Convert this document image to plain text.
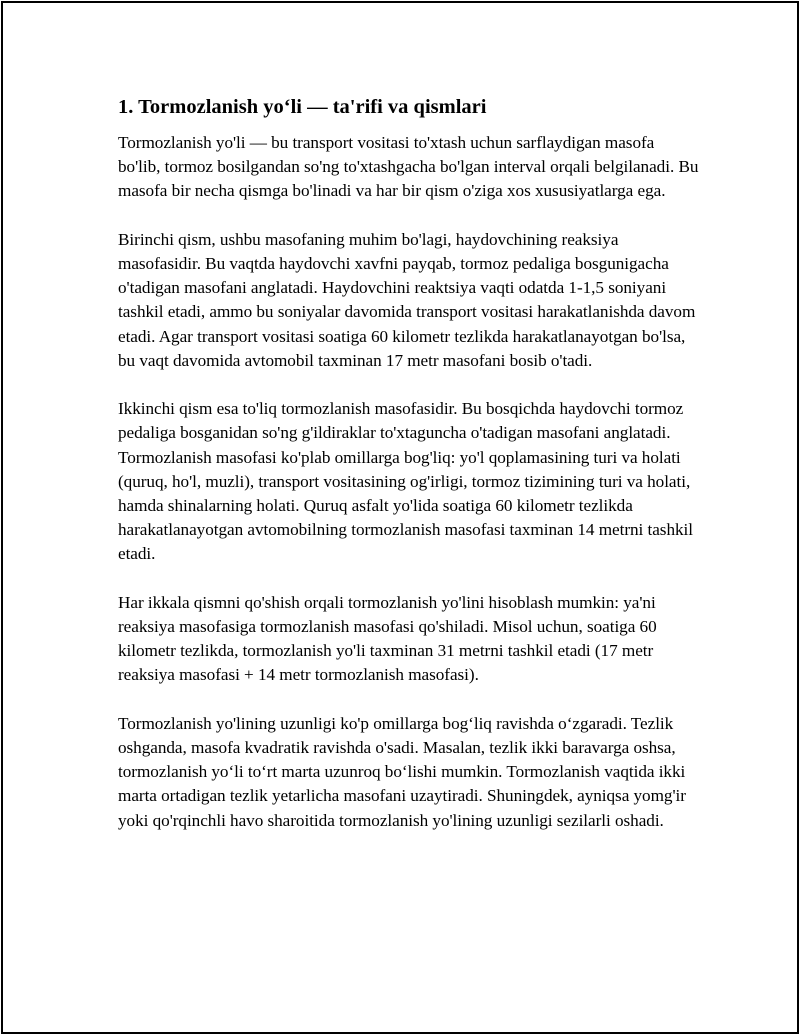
1. Tormozlanish yoʻli — ta'rifi va qismlari

Tormozlanish yo'li — bu transport vositasi to'xtash uchun sarflaydigan masofa bo'lib, tormoz bosilgandan so'ng to'xtashgacha bo'lgan interval orqali belgilanadi. Bu masofa bir necha qismga bo'linadi va har bir qism o'ziga xos xususiyatlarga ega.

Birinchi qism, ushbu masofaning muhim bo'lagi, haydovchining reaksiya masofasidir. Bu vaqtda haydovchi xavfni payqab, tormoz pedaliga bosgunigacha o'tadigan masofani anglatadi. Haydovchini reaktsiya vaqti odatda 1-1,5 soniyani tashkil etadi, ammo bu soniyalar davomida transport vositasi harakatlanishda davom etadi. Agar transport vositasi soatiga 60 kilometr tezlikda harakatlanayotgan bo'lsa, bu vaqt davomida avtomobil taxminan 17 metr masofani bosib o'tadi.

Ikkinchi qism esa to'liq tormozlanish masofasidir. Bu bosqichda haydovchi tormoz pedaliga bosganidan so'ng g'ildiraklar to'xtaguncha o'tadigan masofani anglatadi. Tormozlanish masofasi ko'plab omillarga bog'liq: yo'l qoplamasining turi va holati (quruq, ho'l, muzli), transport vositasining og'irligi, tormoz tizimining turi va holati, hamda shinalarning holati. Quruq asfalt yo'lida soatiga 60 kilometr tezlikda harakatlanayotgan avtomobilning tormozlanish masofasi taxminan 14 metrni tashkil etadi.

Har ikkala qismni qo'shish orqali tormozlanish yo'lini hisoblash mumkin: ya'ni reaksiya masofasiga tormozlanish masofasi qo'shiladi. Misol uchun, soatiga 60 kilometr tezlikda, tormozlanish yo'li taxminan 31 metrni tashkil etadi (17 metr reaksiya masofasi + 14 metr tormozlanish masofasi).

Tormozlanish yo'lining uzunligi ko'p omillarga bog‘liq ravishda o‘zgaradi. Tezlik oshganda, masofa kvadratik ravishda o'sadi. Masalan, tezlik ikki baravarga oshsa, tormozlanish yo‘li to‘rt marta uzunroq bo‘lishi mumkin. Tormozlanish vaqtida ikki marta ortadigan tezlik yetarlicha masofani uzaytiradi. Shuningdek, ayniqsa yomg'ir yoki qo'rqinchli havo sharoitida tormozlanish yo'lining uzunligi sezilarli oshadi.
